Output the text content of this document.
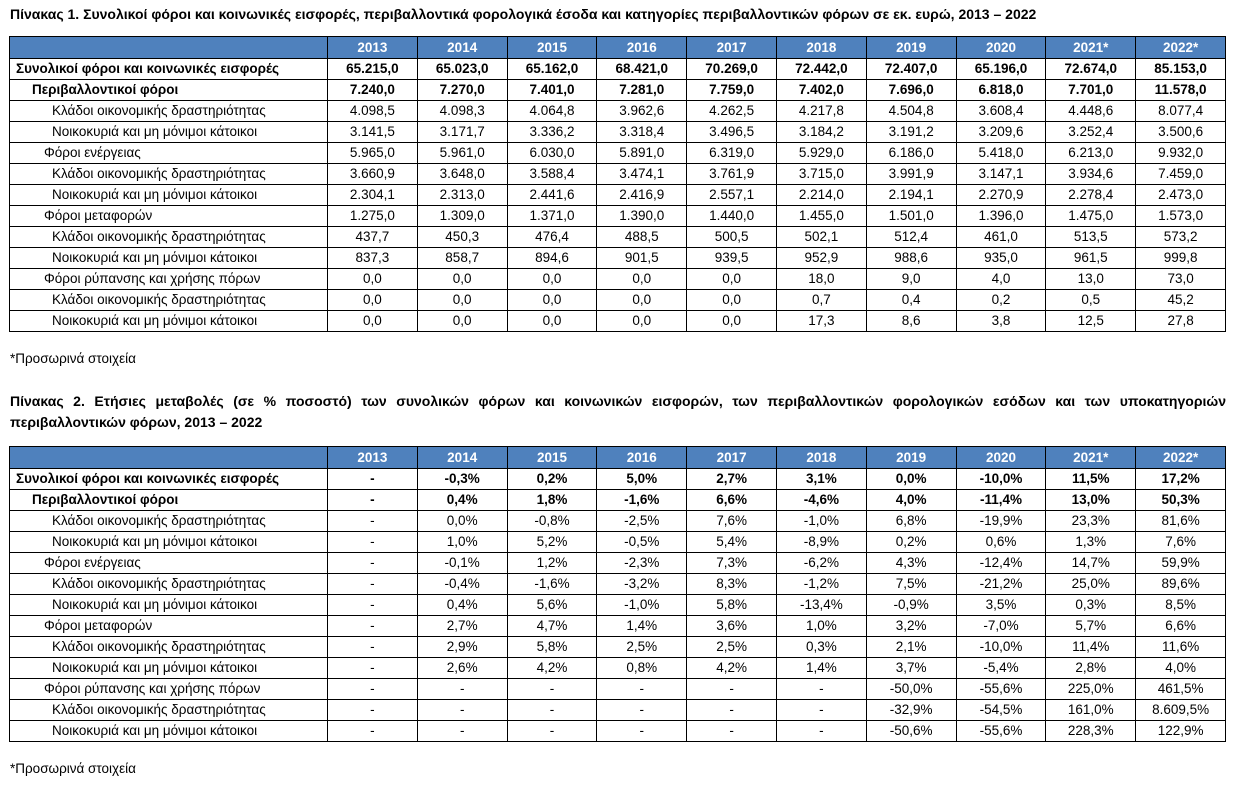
Πίνακας 1. Συνολικοί φόροι και κοινωνικές εισφορές, περιβαλλοντικά φορολογικά έσοδα και κατηγορίες περιβαλλοντικών φόρων σε εκ. ευρώ, 2013 – 2022
	2013	2014	2015	2016	2017	2018	2019	2020	2021*	2022*
Συνολικοί φόροι και κοινωνικές εισφορές	65.215,0	65.023,0	65.162,0	68.421,0	70.269,0	72.442,0	72.407,0	65.196,0	72.674,0	85.153,0
Περιβαλλοντικοί φόροι	7.240,0	7.270,0	7.401,0	7.281,0	7.759,0	7.402,0	7.696,0	6.818,0	7.701,0	11.578,0
Κλάδοι οικονομικής δραστηριότητας	4.098,5	4.098,3	4.064,8	3.962,6	4.262,5	4.217,8	4.504,8	3.608,4	4.448,6	8.077,4
Νοικοκυριά και μη μόνιμοι κάτοικοι	3.141,5	3.171,7	3.336,2	3.318,4	3.496,5	3.184,2	3.191,2	3.209,6	3.252,4	3.500,6
Φόροι ενέργειας	5.965,0	5.961,0	6.030,0	5.891,0	6.319,0	5.929,0	6.186,0	5.418,0	6.213,0	9.932,0
Κλάδοι οικονομικής δραστηριότητας	3.660,9	3.648,0	3.588,4	3.474,1	3.761,9	3.715,0	3.991,9	3.147,1	3.934,6	7.459,0
Νοικοκυριά και μη μόνιμοι κάτοικοι	2.304,1	2.313,0	2.441,6	2.416,9	2.557,1	2.214,0	2.194,1	2.270,9	2.278,4	2.473,0
Φόροι μεταφορών	1.275,0	1.309,0	1.371,0	1.390,0	1.440,0	1.455,0	1.501,0	1.396,0	1.475,0	1.573,0
Κλάδοι οικονομικής δραστηριότητας	437,7	450,3	476,4	488,5	500,5	502,1	512,4	461,0	513,5	573,2
Νοικοκυριά και μη μόνιμοι κάτοικοι	837,3	858,7	894,6	901,5	939,5	952,9	988,6	935,0	961,5	999,8
Φόροι ρύπανσης και χρήσης πόρων	0,0	0,0	0,0	0,0	0,0	18,0	9,0	4,0	13,0	73,0
Κλάδοι οικονομικής δραστηριότητας	0,0	0,0	0,0	0,0	0,0	0,7	0,4	0,2	0,5	45,2
Νοικοκυριά και μη μόνιμοι κάτοικοι	0,0	0,0	0,0	0,0	0,0	17,3	8,6	3,8	12,5	27,8
*Προσωρινά στοιχεία
Πίνακας 2. Ετήσιες μεταβολές (σε % ποσοστό) των συνολικών φόρων και κοινωνικών εισφορών, των περιβαλλοντικών φορολογικών εσόδων και των υποκατηγοριών περιβαλλοντικών φόρων, 2013 – 2022
	2013	2014	2015	2016	2017	2018	2019	2020	2021*	2022*
Συνολικοί φόροι και κοινωνικές εισφορές	-	-0,3%	0,2%	5,0%	2,7%	3,1%	0,0%	-10,0%	11,5%	17,2%
Περιβαλλοντικοί φόροι	-	0,4%	1,8%	-1,6%	6,6%	-4,6%	4,0%	-11,4%	13,0%	50,3%
Κλάδοι οικονομικής δραστηριότητας	-	0,0%	-0,8%	-2,5%	7,6%	-1,0%	6,8%	-19,9%	23,3%	81,6%
Νοικοκυριά και μη μόνιμοι κάτοικοι	-	1,0%	5,2%	-0,5%	5,4%	-8,9%	0,2%	0,6%	1,3%	7,6%
Φόροι ενέργειας	-	-0,1%	1,2%	-2,3%	7,3%	-6,2%	4,3%	-12,4%	14,7%	59,9%
Κλάδοι οικονομικής δραστηριότητας	-	-0,4%	-1,6%	-3,2%	8,3%	-1,2%	7,5%	-21,2%	25,0%	89,6%
Νοικοκυριά και μη μόνιμοι κάτοικοι	-	0,4%	5,6%	-1,0%	5,8%	-13,4%	-0,9%	3,5%	0,3%	8,5%
Φόροι μεταφορών	-	2,7%	4,7%	1,4%	3,6%	1,0%	3,2%	-7,0%	5,7%	6,6%
Κλάδοι οικονομικής δραστηριότητας	-	2,9%	5,8%	2,5%	2,5%	0,3%	2,1%	-10,0%	11,4%	11,6%
Νοικοκυριά και μη μόνιμοι κάτοικοι	-	2,6%	4,2%	0,8%	4,2%	1,4%	3,7%	-5,4%	2,8%	4,0%
Φόροι ρύπανσης και χρήσης πόρων	-	-	-	-	-	-	-50,0%	-55,6%	225,0%	461,5%
Κλάδοι οικονομικής δραστηριότητας	-	-	-	-	-	-	-32,9%	-54,5%	161,0%	8.609,5%
Νοικοκυριά και μη μόνιμοι κάτοικοι	-	-	-	-	-	-	-50,6%	-55,6%	228,3%	122,9%
*Προσωρινά στοιχεία
